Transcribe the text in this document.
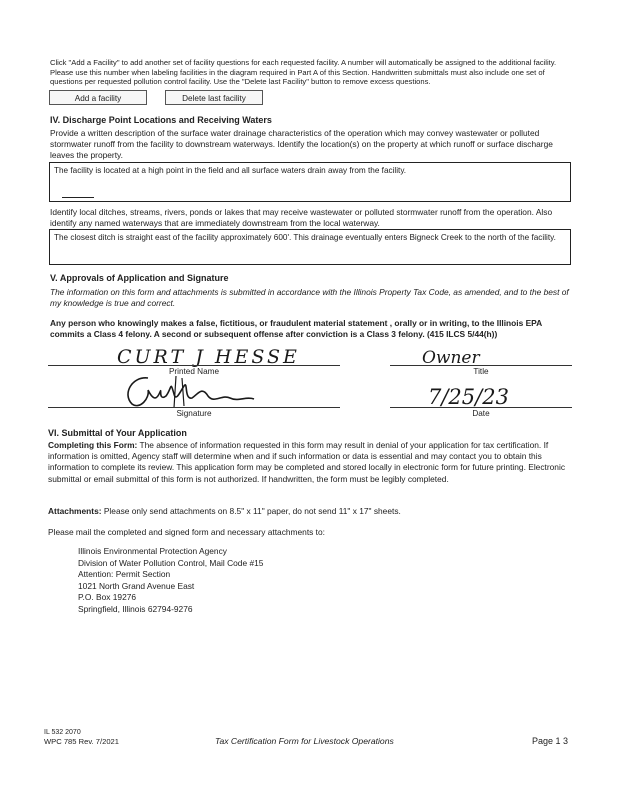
Click "Add a Facility" to add another set of facility questions for each requested facility. A number will automatically be assigned to the additional facility. Please use this number when labeling facilities in the diagram required in Part A of this Section. Handwritten submittals must also include one set of questions per requested pollution control facility. Use the "Delete last Facility" button to remove excess questions.
Add a facility	Delete last facility
IV. Discharge Point Locations and Receiving Waters
Provide a written description of the surface water drainage characteristics of the operation which may convey wastewater or polluted stormwater runoff from the facility to downstream waterways. Identify the location(s) on the property at which runoff or surface discharge leaves the property.
The facility is located at a high point in the field and all surface waters drain away from the facility.
Identify local ditches, streams, rivers, ponds or lakes that may receive wastewater or polluted stormwater runoff from the operation. Also identify any named waterways that are immediately downstream from the local waterway.
The closest ditch is straight east of the facility approximately 600'. This drainage eventually enters Bigneck Creek to the north of the facility.
V. Approvals of Application and Signature
The information on this form and attachments is submitted in accordance with the Illinois Property Tax Code, as amended, and to the best of my knowledge is true and correct.
Any person who knowingly makes a false, fictitious, or fraudulent material statement , orally or in writing, to the Illinois EPA commits a Class 4 felony. A second or subsequent offense after conviction is a Class 3 felony. (415 ILCS 5/44(h))
CURT J HESSE
Printed Name
Owner
Title
Signature
7/25/23
Date
VI. Submittal of Your Application
Completing this Form: The absence of information requested in this form may result in denial of your application for tax certification. If information is omitted, Agency staff will determine when and if such information or data is essential and may contact you to obtain this information to complete its review. This application form may be completed and stored locally in electronic form for future printing. Electronic submittal or email submittal of this form is not authorized. If handwritten, the form must be legibly completed.
Attachments: Please only send attachments on 8.5" x 11" paper, do not send 11" x 17" sheets.
Please mail the completed and signed form and necessary attachments to:
Illinois Environmental Protection Agency
Division of Water Pollution Control, Mail Code #15
Attention: Permit Section
1021 North Grand Avenue East
P.O. Box 19276
Springfield, Illinois 62794-9276
IL 532 2070
WPC 785 Rev. 7/2021	Tax Certification Form for Livestock Operations	Page 1 3
